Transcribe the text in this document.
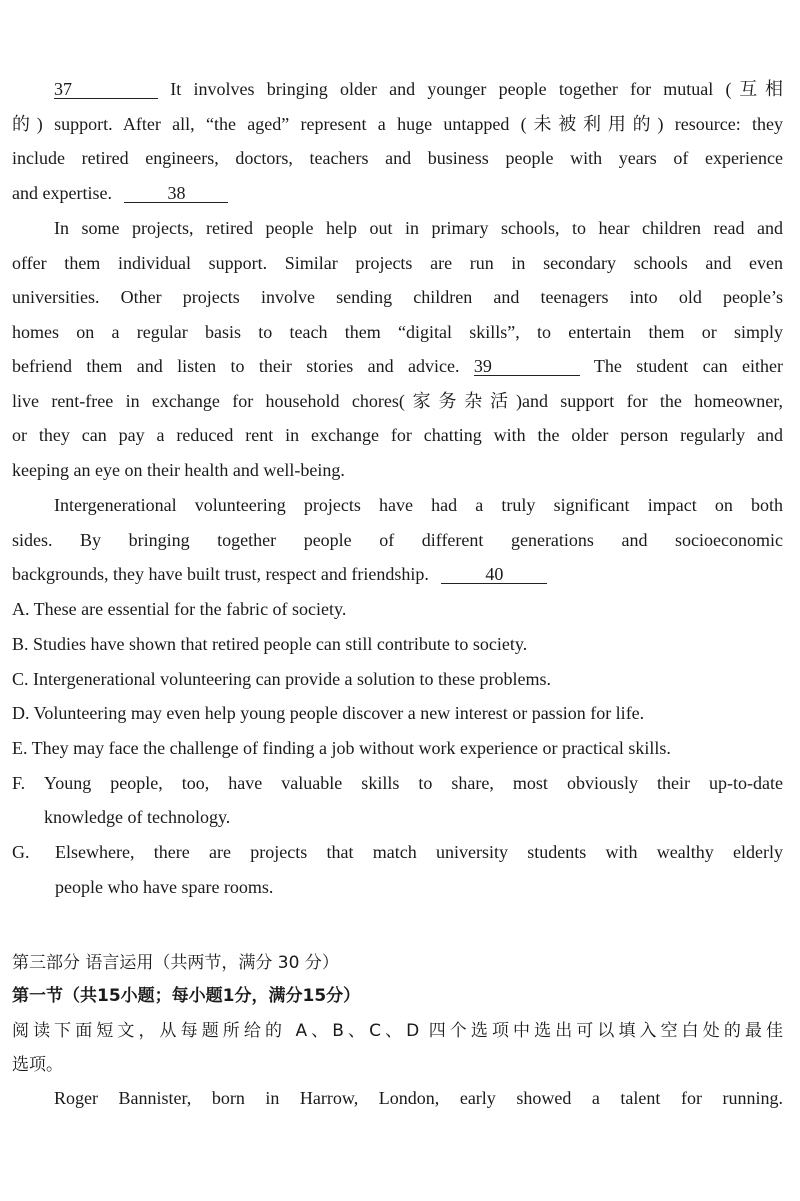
37	It involves bringing older and younger people together for mutual (互相
的) support. After all, “the aged” represent a huge untapped (未被利用的) resource: they
include retired engineers, doctors, teachers and business people with years of experience
and expertise.	38
In some projects, retired people help out in primary schools, to hear children read and
offer them individual support. Similar projects are run in secondary schools and even
universities. Other projects involve sending children and teenagers into old people’s
homes on a regular basis to teach them “digital skills”, to entertain them or simply
befriend them and listen to their stories and advice. 39	The student can either
live rent-free in exchange for household chores(家务杂活)and support for the homeowner,
or they can pay a reduced rent in exchange for chatting with the older person regularly and
keeping an eye on their health and well-being.
Intergenerational volunteering projects have had a truly significant impact on both
sides. By bringing together people of different generations and socioeconomic
backgrounds, they have built trust, respect and friendship.	40
A. These are essential for the fabric of society.
B. Studies have shown that retired people can still contribute to society.
C. Intergenerational volunteering can provide a solution to these problems.
D. Volunteering may even help young people discover a new interest or passion for life.
E. They may face the challenge of finding a job without work experience or practical skills.
F.	Young people, too, have valuable skills to share, most obviously their up-to-date
knowledge of technology.
G.	Elsewhere, there are projects that match university students with wealthy elderly
people who have spare rooms.
第三部分 语言运用（共两节，满分 30 分）
第一节（共15小题；每小题1分，满分15分）
阅读下面短文，从每题所给的 A、B、C、D 四个选项中选出可以填入空白处的最佳
选项。
Roger Bannister, born in Harrow, London, early showed a talent for running.
